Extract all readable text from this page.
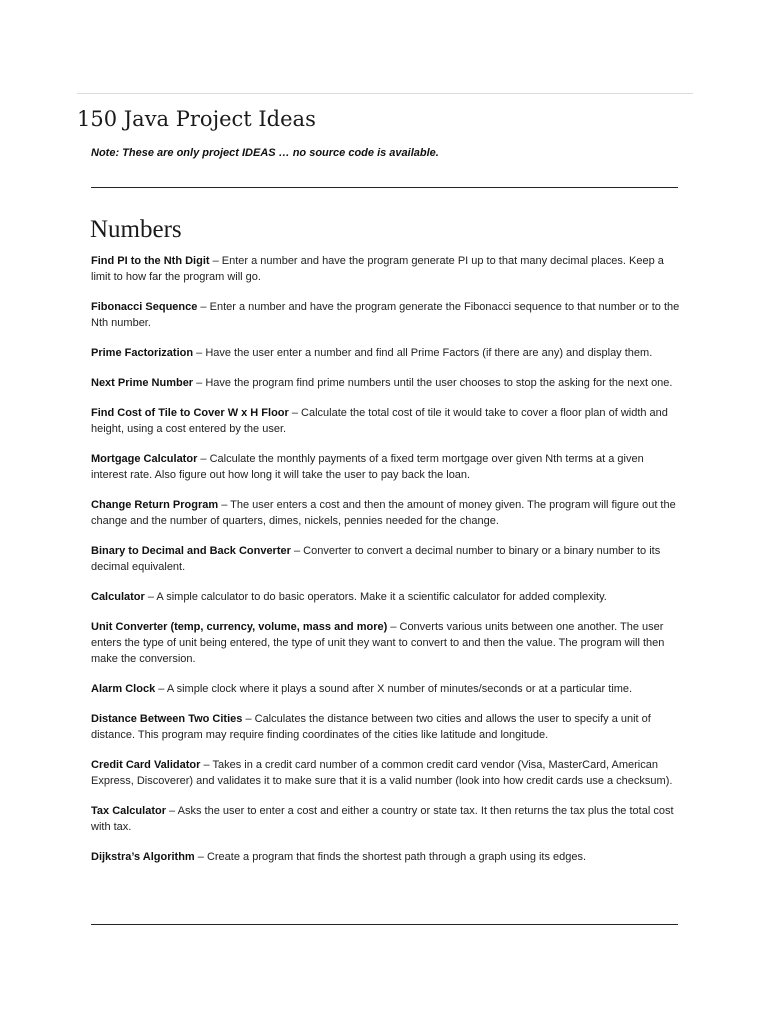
150 Java Project Ideas

Note: These are only project IDEAS … no source code is available.

Numbers
Find PI to the Nth Digit – Enter a number and have the program generate PI up to that many decimal places. Keep a limit to how far the program will go.
Fibonacci Sequence – Enter a number and have the program generate the Fibonacci sequence to that number or to the Nth number.
Prime Factorization – Have the user enter a number and find all Prime Factors (if there are any) and display them.
Next Prime Number – Have the program find prime numbers until the user chooses to stop the asking for the next one.
Find Cost of Tile to Cover W x H Floor – Calculate the total cost of tile it would take to cover a floor plan of width and height, using a cost entered by the user.
Mortgage Calculator – Calculate the monthly payments of a fixed term mortgage over given Nth terms at a given interest rate. Also figure out how long it will take the user to pay back the loan.
Change Return Program – The user enters a cost and then the amount of money given. The program will figure out the change and the number of quarters, dimes, nickels, pennies needed for the change.
Binary to Decimal and Back Converter – Converter to convert a decimal number to binary or a binary number to its decimal equivalent.
Calculator – A simple calculator to do basic operators. Make it a scientific calculator for added complexity.
Unit Converter (temp, currency, volume, mass and more) – Converts various units between one another. The user enters the type of unit being entered, the type of unit they want to convert to and then the value. The program will then make the conversion.
Alarm Clock – A simple clock where it plays a sound after X number of minutes/seconds or at a particular time.
Distance Between Two Cities – Calculates the distance between two cities and allows the user to specify a unit of distance. This program may require finding coordinates of the cities like latitude and longitude.
Credit Card Validator – Takes in a credit card number of a common credit card vendor (Visa, MasterCard, American Express, Discoverer) and validates it to make sure that it is a valid number (look into how credit cards use a checksum).
Tax Calculator – Asks the user to enter a cost and either a country or state tax. It then returns the tax plus the total cost with tax.
Dijkstra’s Algorithm – Create a program that finds the shortest path through a graph using its edges.
